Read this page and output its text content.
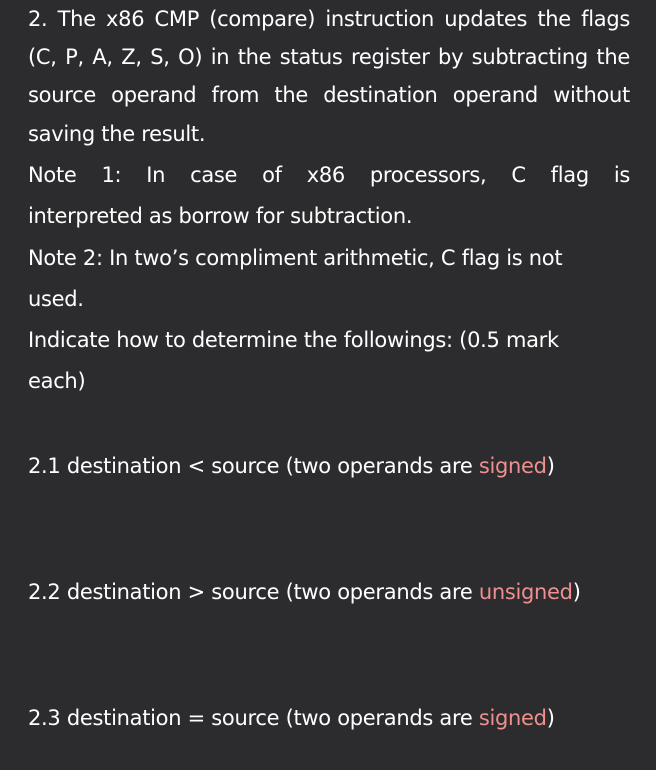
2. The x86 CMP (compare) instruction updates the flags
(C, P, A, Z, S, O) in the status register by subtracting the
source operand from the destination operand without
saving the result.
Note 1: In case of x86 processors, C flag is
interpreted as borrow for subtraction.
Note 2: In two’s compliment arithmetic, C flag is not
used.
Indicate how to determine the followings: (0.5 mark
each)
2.1 destination < source (two operands are signed)
2.2 destination > source (two operands are unsigned)
2.3 destination = source (two operands are signed)
